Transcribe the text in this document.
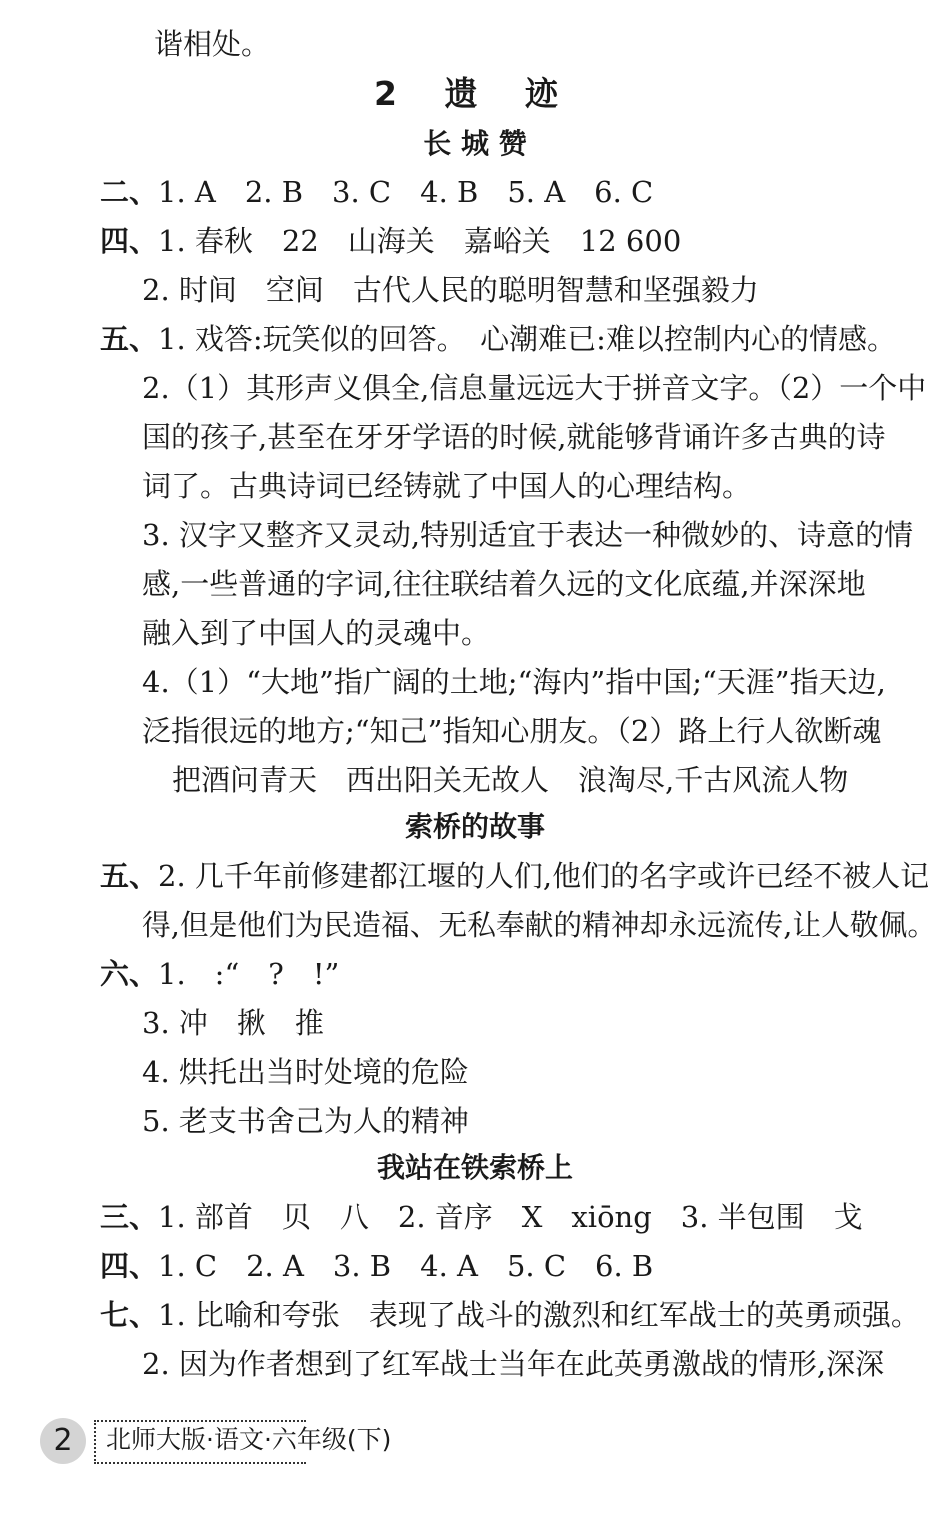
谐相处。
2 遗 迹
长 城 赞
二、1. A　2. B　3. C　4. B　5. A　6. C
四、1. 春秋　22　山海关　嘉峪关　12 600
2. 时间　空间　古代人民的聪明智慧和坚强毅力
五、1. 戏答:玩笑似的回答。　心潮难已:难以控制内心的情感。
2.（1）其形声义俱全,信息量远远大于拼音文字。（2）一个中
国的孩子,甚至在牙牙学语的时候,就能够背诵许多古典的诗
词了。古典诗词已经铸就了中国人的心理结构。
3. 汉字又整齐又灵动,特别适宜于表达一种微妙的、诗意的情
感,一些普通的字词,往往联结着久远的文化底蕴,并深深地
融入到了中国人的灵魂中。
4.（1）“大地”指广阔的土地;“海内”指中国;“天涯”指天边,
泛指很远的地方;“知己”指知心朋友。（2）路上行人欲断魂
把酒问青天　西出阳关无故人　浪淘尽,千古风流人物
索桥的故事
五、2. 几千年前修建都江堰的人们,他们的名字或许已经不被人记
得,但是他们为民造福、无私奉献的精神却永远流传,让人敬佩。
六、1.　:“　?　!”
3. 冲　揪　推
4. 烘托出当时处境的危险
5. 老支书舍己为人的精神
我站在铁索桥上
三、1. 部首　贝　八　2. 音序　X　xiōng　3. 半包围　戈
四、1. C　2. A　3. B　4. A　5. C　6. B
七、1. 比喻和夸张　表现了战斗的激烈和红军战士的英勇顽强。
2. 因为作者想到了红军战士当年在此英勇激战的情形,深深
2	北师大版·语文·六年级(下)
